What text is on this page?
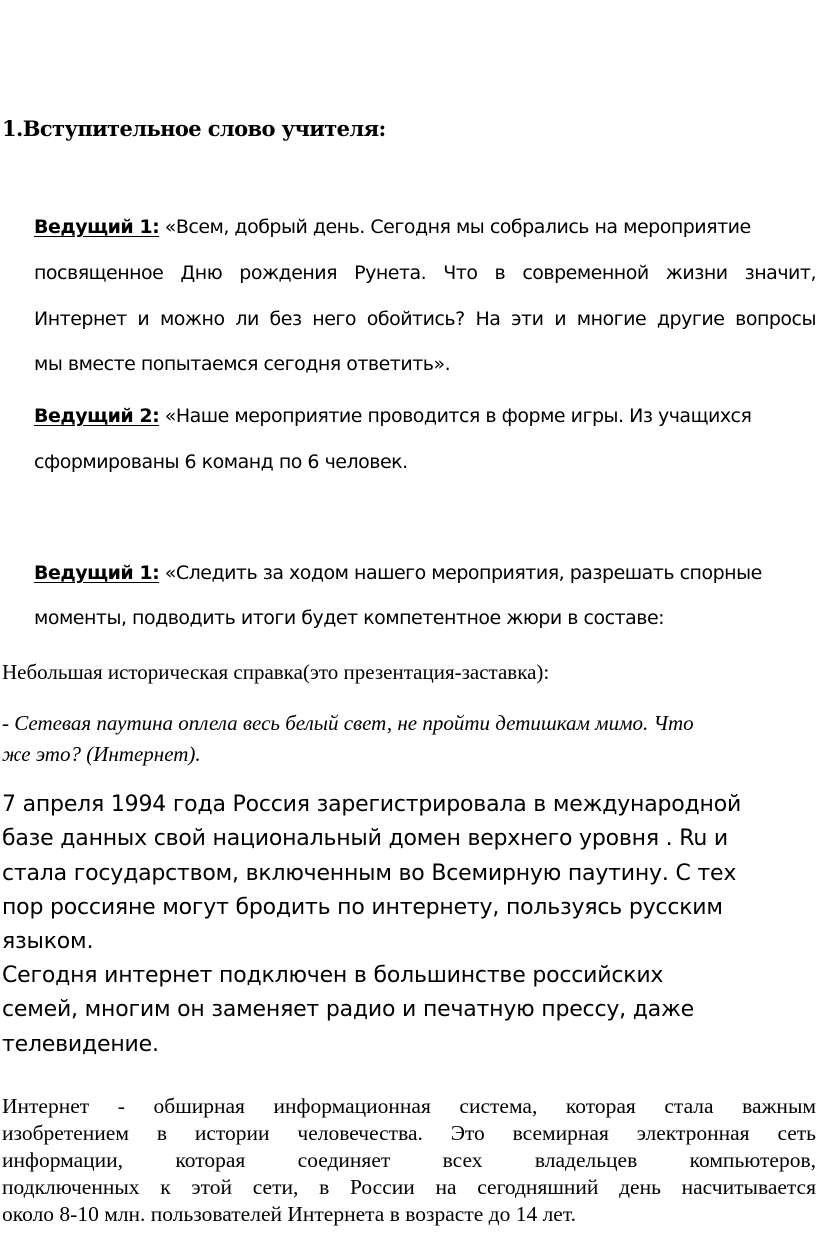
1.Вступительное слово учителя:
Ведущий 1: «Всем, добрый день. Сегодня мы собрались на мероприятие
посвященное Дню рождения Рунета. Что в современной жизни значит,
Интернет и можно ли без него обойтись? На эти и многие другие вопросы
мы вместе попытаемся сегодня ответить».
Ведущий 2: «Наше мероприятие проводится в форме игры. Из учащихся
сформированы 6 команд по 6 человек.
Ведущий 1: «Следить за ходом нашего мероприятия, разрешать спорные
моменты, подводить итоги будет компетентное жюри в составе:
Небольшая историческая справка(это презентация-заставка):
- Сетевая паутина оплела весь белый свет, не пройти детишкам мимо. Что
же это? (Интернет).
7 апреля 1994 года Россия зарегистрировала в международной
базе данных свой национальный домен верхнего уровня . Ru и
стала государством, включенным во Всемирную паутину. С тех
пор россияне могут бродить по интернету, пользуясь русским
языком.
Сегодня интернет подключен в большинстве российских
семей, многим он заменяет радио и печатную прессу, даже
телевидение.
Интернет - обширная информационная система, которая стала важным
изобретением в истории человечества. Это всемирная электронная сеть
информации, которая соединяет всех владельцев компьютеров,
подключенных к этой сети, в России на сегодняшний день насчитывается
около 8-10 млн. пользователей Интернета в возрасте до 14 лет.
